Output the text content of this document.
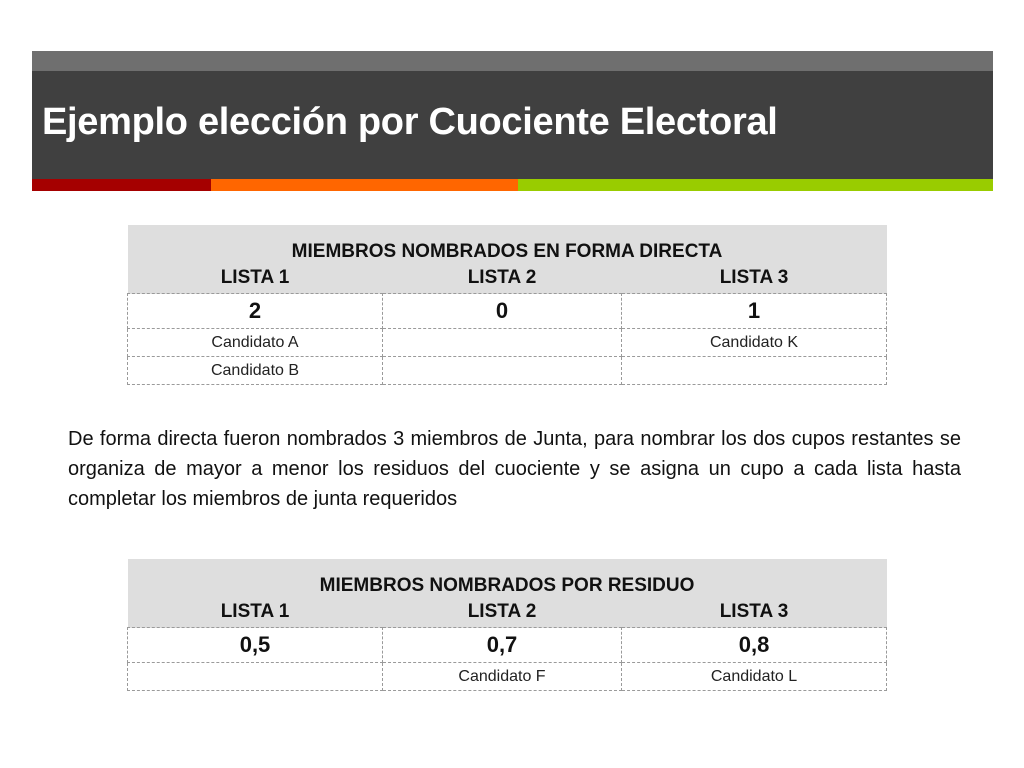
Ejemplo elección por Cuociente Electoral
MIEMBROS NOMBRADOS EN FORMA DIRECTA		
LISTA 1	LISTA 2	LISTA 3
2	0	1
Candidato A		Candidato K
Candidato B		

De forma directa fueron nombrados 3 miembros de Junta, para nombrar los dos cupos restantes se organiza de mayor a menor los residuos del cuociente y se asigna un cupo a cada lista hasta completar los miembros de junta requeridos

MIEMBROS NOMBRADOS POR RESIDUO		
LISTA 1	LISTA 2	LISTA 3
0,5	0,7	0,8
	Candidato F	Candidato L
